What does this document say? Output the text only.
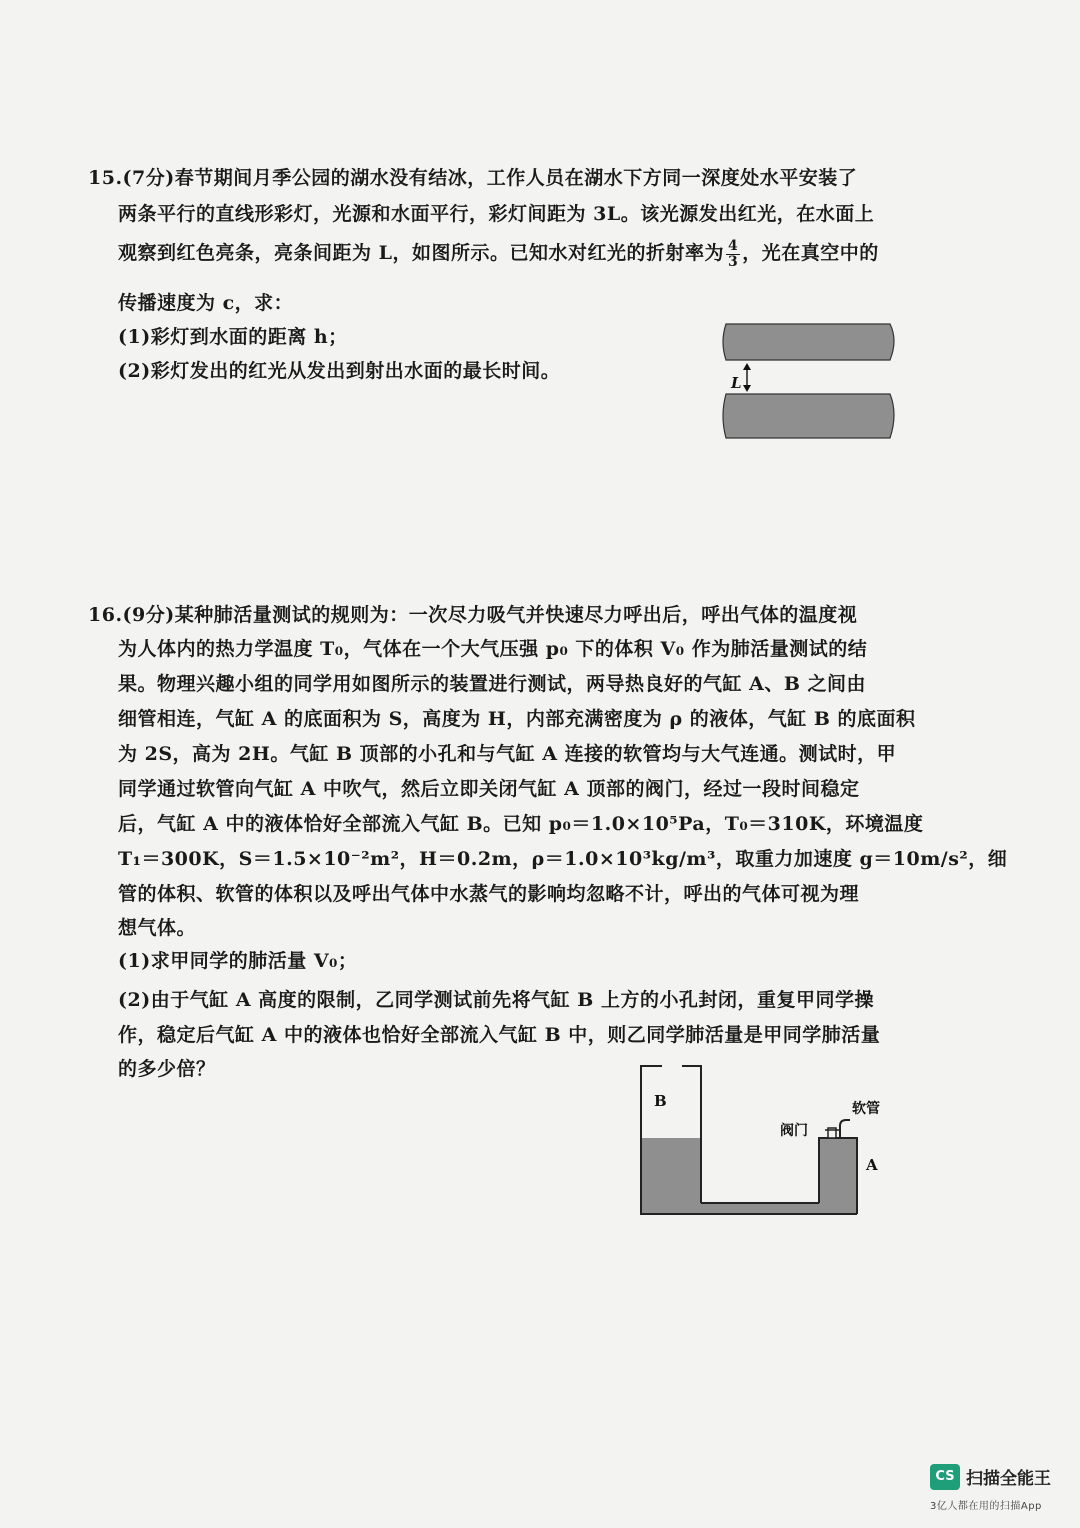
15.(7分)春节期间月季公园的湖水没有结冰，工作人员在湖水下方同一深度处水平安装了
两条平行的直线形彩灯，光源和水面平行，彩灯间距为 3L。该光源发出红光，在水面上
观察到红色亮条，亮条间距为 L，如图所示。已知水对红光的折射率为 $\frac{4}{3}$ ，光在真空中的
传播速度为 c，求：
(1)彩灯到水面的距离 h；
(2)彩灯发出的红光从发出到射出水面的最长时间。
L
16.(9分)某种肺活量测试的规则为：一次尽力吸气并快速尽力呼出后，呼出气体的温度视
为人体内的热力学温度 T₀，气体在一个大气压强 p₀ 下的体积 V₀ 作为肺活量测试的结
果。物理兴趣小组的同学用如图所示的装置进行测试，两导热良好的气缸 A、B 之间由
细管相连，气缸 A 的底面积为 S，高度为 H，内部充满密度为 ρ 的液体，气缸 B 的底面积
为 2S，高为 2H。气缸 B 顶部的小孔和与气缸 A 连接的软管均与大气连通。测试时，甲
同学通过软管向气缸 A 中吹气，然后立即关闭气缸 A 顶部的阀门，经过一段时间稳定
后，气缸 A 中的液体恰好全部流入气缸 B。已知 p₀＝1.0×10⁵Pa，T₀＝310K，环境温度
T₁＝300K，S＝1.5×10⁻²m²，H＝0.2m，ρ＝1.0×10³kg/m³，取重力加速度 g＝10m/s²，细
管的体积、软管的体积以及呼出气体中水蒸气的影响均忽略不计，呼出的气体可视为理
想气体。
(1)求甲同学的肺活量 V₀；
(2)由于气缸 A 高度的限制，乙同学测试前先将气缸 B 上方的小孔封闭，重复甲同学操
作，稳定后气缸 A 中的液体也恰好全部流入气缸 B 中，则乙同学肺活量是甲同学肺活量
的多少倍？
B
A
阀门
软管
CS 扫描全能王
3亿人都在用的扫描App
